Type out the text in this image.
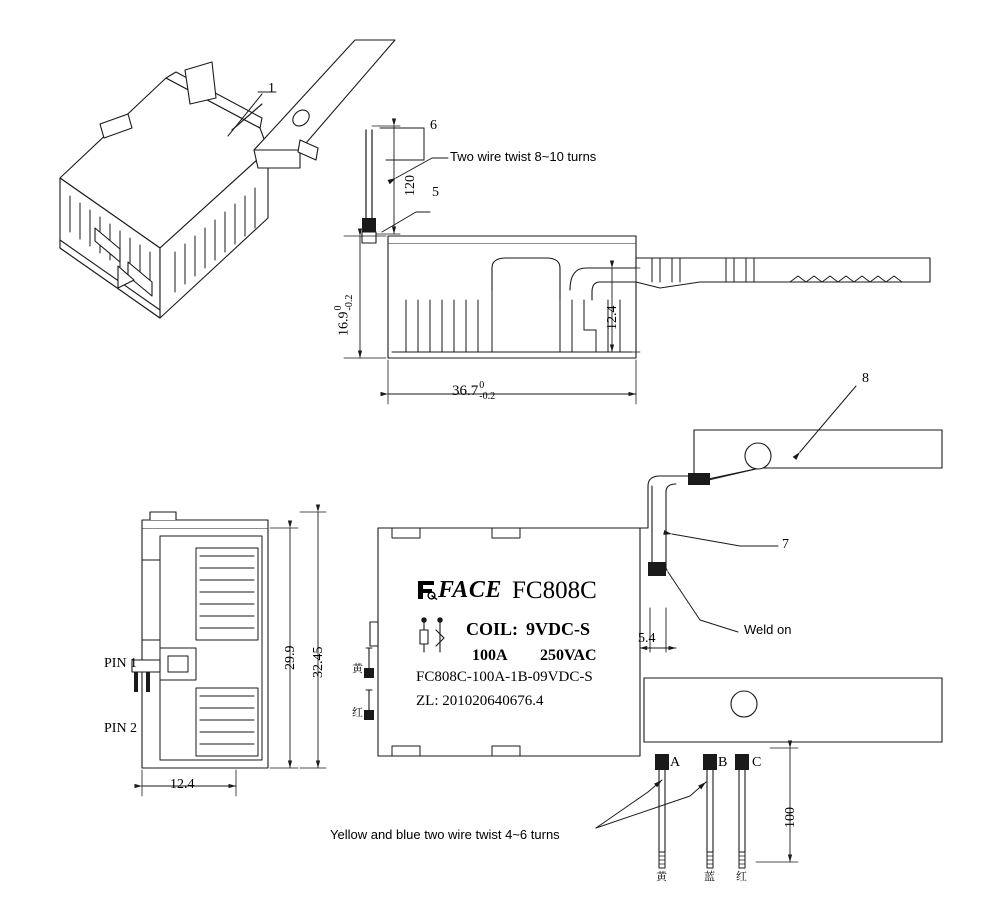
1
6
5
Two wire twist 8~10 turns
120
16.9
0 -0.2
12.4
36.7 0
-0.2
8
7
Weld on
5.4
29.9 32.45
12.4
PIN 1
PIN 2
FACE FC808C
COIL: 9VDC-S
100A 250VAC
FC808C-100A-1B-09VDC-S
ZL: 201020640676.4
黄
红
A	B C
黄	蓝 红
100
Yellow and blue two wire twist 4~6 turns
